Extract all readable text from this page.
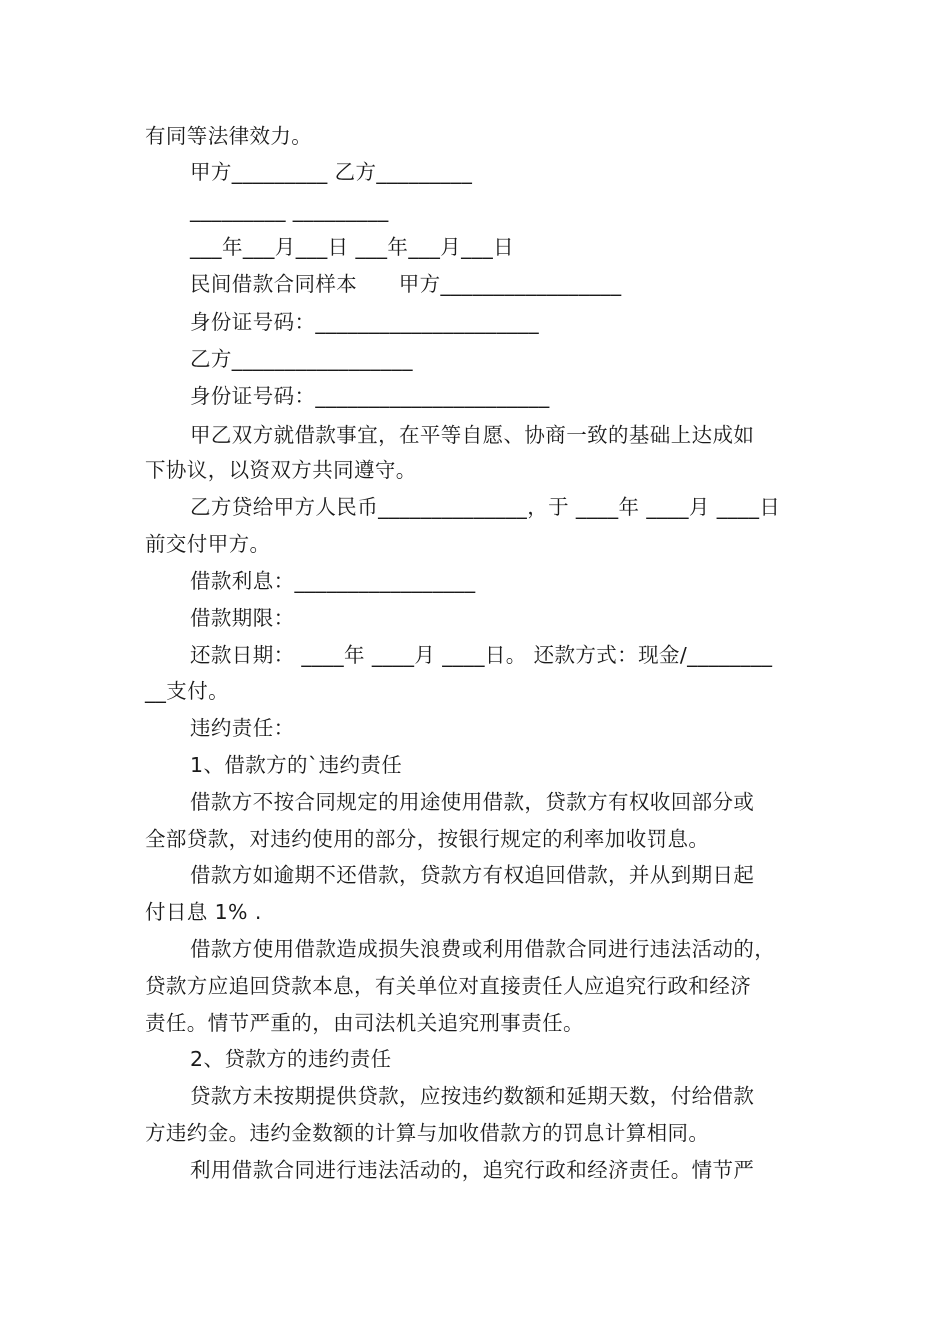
有同等法律效力。
甲方_________ 乙方_________
_________ _________
___年___月___日 ___年___月___日
民间借款合同样本      甲方_________________
身份证号码：_____________________
乙方_________________
身份证号码：______________________
甲乙双方就借款事宜，在平等自愿、协商一致的基础上达成如
下协议，以资双方共同遵守。
乙方贷给甲方人民币______________，于 ____年 ____月 ____日
前交付甲方。
借款利息：_________________
借款期限：
还款日期： ____年 ____月 ____日。 还款方式：现金/________
__支付。
违约责任：
1、借款方的`违约责任
借款方不按合同规定的用途使用借款，贷款方有权收回部分或
全部贷款，对违约使用的部分，按银行规定的利率加收罚息。
借款方如逾期不还借款，贷款方有权追回借款，并从到期日起
付日息 1% .
借款方使用借款造成损失浪费或利用借款合同进行违法活动的，
贷款方应追回贷款本息，有关单位对直接责任人应追究行政和经济
责任。情节严重的，由司法机关追究刑事责任。
2、贷款方的违约责任
贷款方未按期提供贷款，应按违约数额和延期天数，付给借款
方违约金。违约金数额的计算与加收借款方的罚息计算相同。
利用借款合同进行违法活动的，追究行政和经济责任。情节严
